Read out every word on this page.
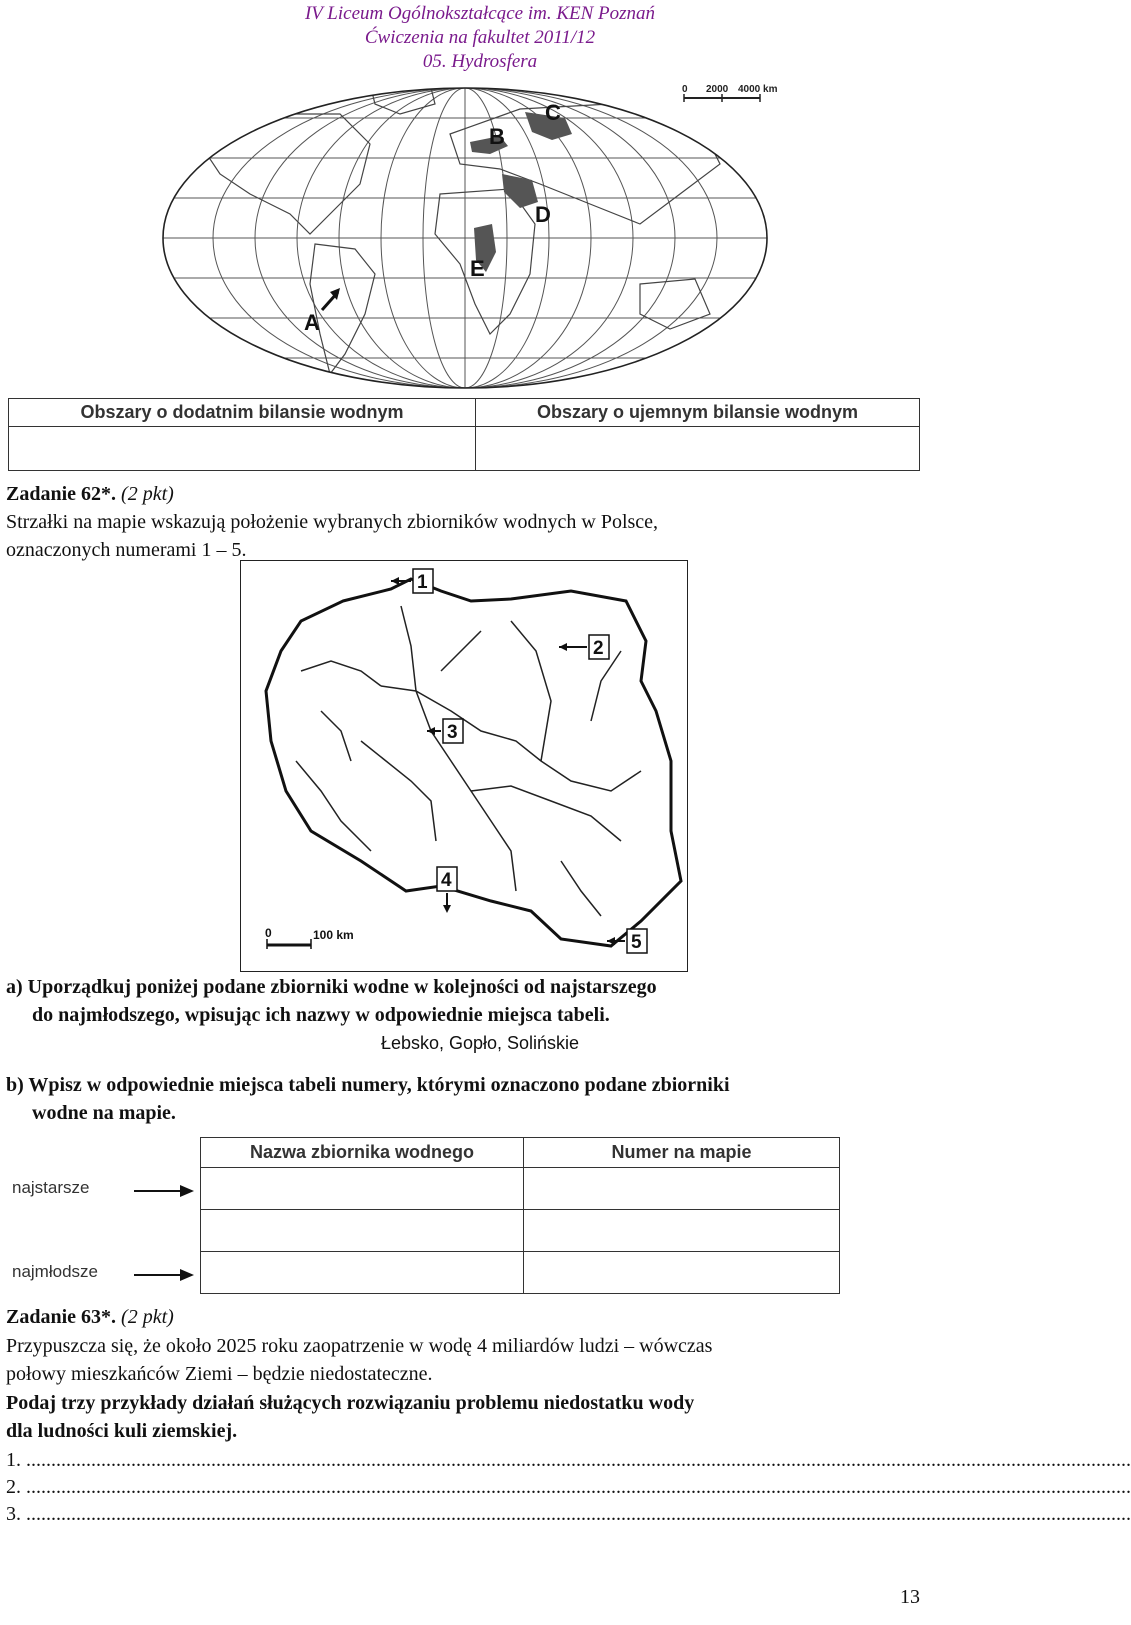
IV Liceum Ogólnokształcące im. KEN Poznań
Ćwiczenia na fakultet 2011/12
05. Hydrosfera
A
B
C
D
E
0 2000 4000 km
Obszary o dodatnim bilansie wodnym	Obszary o ujemnym bilansie wodnym

Zadanie 62*. (2 pkt)
Strzałki na mapie wskazują położenie wybranych zbiorników wodnych w Polsce,
oznaczonych numerami 1 – 5.
0	100 km
1
2
3
4
5
a) Uporządkuj poniżej podane zbiorniki wodne w kolejności od najstarszego
do najmłodszego, wpisując ich nazwy w odpowiednie miejsca tabeli.
Łebsko, Gopło, Solińskie
b) Wpisz w odpowiednie miejsca tabeli numery, którymi oznaczono podane zbiorniki
wodne na mapie.
Nazwa zbiornika wodnego	Numer na mapie

najstarsze
najmłodsze
Zadanie 63*. (2 pkt)
Przypuszcza się, że około 2025 roku zaopatrzenie w wodę 4 miliardów ludzi – wówczas
połowy mieszkańców Ziemi – będzie niedostateczne.
Podaj trzy przykłady działań służących rozwiązaniu problemu niedostatku wody
dla ludności kuli ziemskiej.
1. .............................................................................................................................................................................................................................
2. .............................................................................................................................................................................................................................
3. .............................................................................................................................................................................................................................
13
